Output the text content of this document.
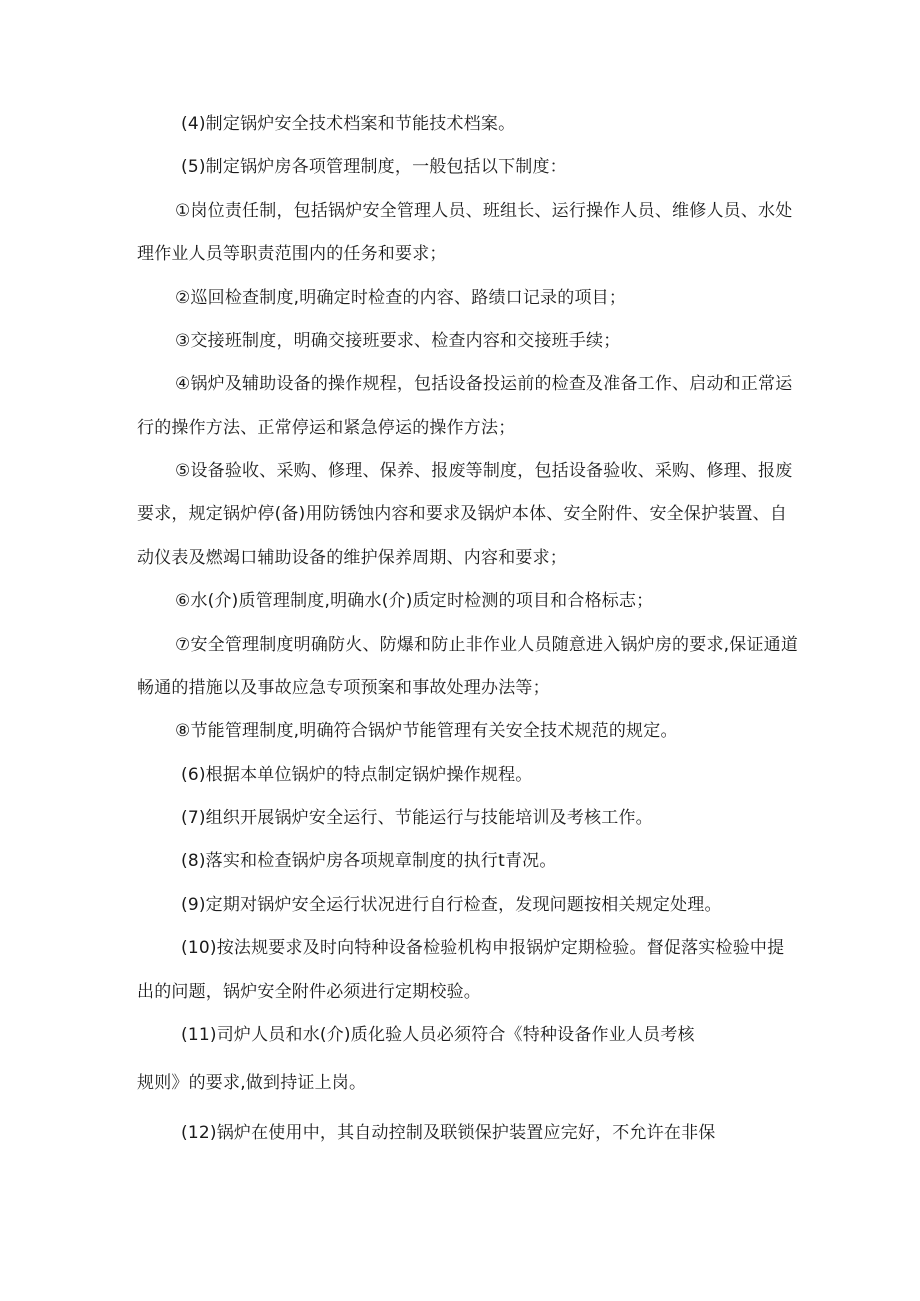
(4)制定锅炉安全技术档案和节能技术档案。
(5)制定锅炉房各项管理制度，一般包括以下制度：
①岗位责任制，包括锅炉安全管理人员、班组长、运行操作人员、维修人员、水处
理作业人员等职责范围内的任务和要求；
②巡回检查制度,明确定时检查的内容、路绩口记录的项目；
③交接班制度，明确交接班要求、检查内容和交接班手续；
④锅炉及辅助设备的操作规程，包括设备投运前的检查及准备工作、启动和正常运
行的操作方法、正常停运和紧急停运的操作方法；
⑤设备验收、采购、修理、保养、报废等制度，包括设备验收、采购、修理、报废
要求，规定锅炉停(备)用防锈蚀内容和要求及锅炉本体、安全附件、安全保护装置、自
动仪表及燃竭口辅助设备的维护保养周期、内容和要求；
⑥水(介)质管理制度,明确水(介)质定时检测的项目和合格标志；
⑦安全管理制度明确防火、防爆和防止非作业人员随意进入锅炉房的要求,保证通道
畅通的措施以及事故应急专项预案和事故处理办法等；
⑧节能管理制度,明确符合锅炉节能管理有关安全技术规范的规定。
(6)根据本单位锅炉的特点制定锅炉操作规程。
(7)组织开展锅炉安全运行、节能运行与技能培训及考核工作。
(8)落实和检查锅炉房各项规章制度的执行t青况。
(9)定期对锅炉安全运行状况进行自行检查，发现问题按相关规定处理。
(10)按法规要求及时向特种设备检验机构申报锅炉定期检验。督促落实检验中提
出的问题，锅炉安全附件必须进行定期校验。
(11)司炉人员和水(介)质化验人员必须符合《特种设备作业人员考核
规则》的要求,做到持证上岗。
(12)锅炉在使用中，其自动控制及联锁保护装置应完好，不允许在非保
